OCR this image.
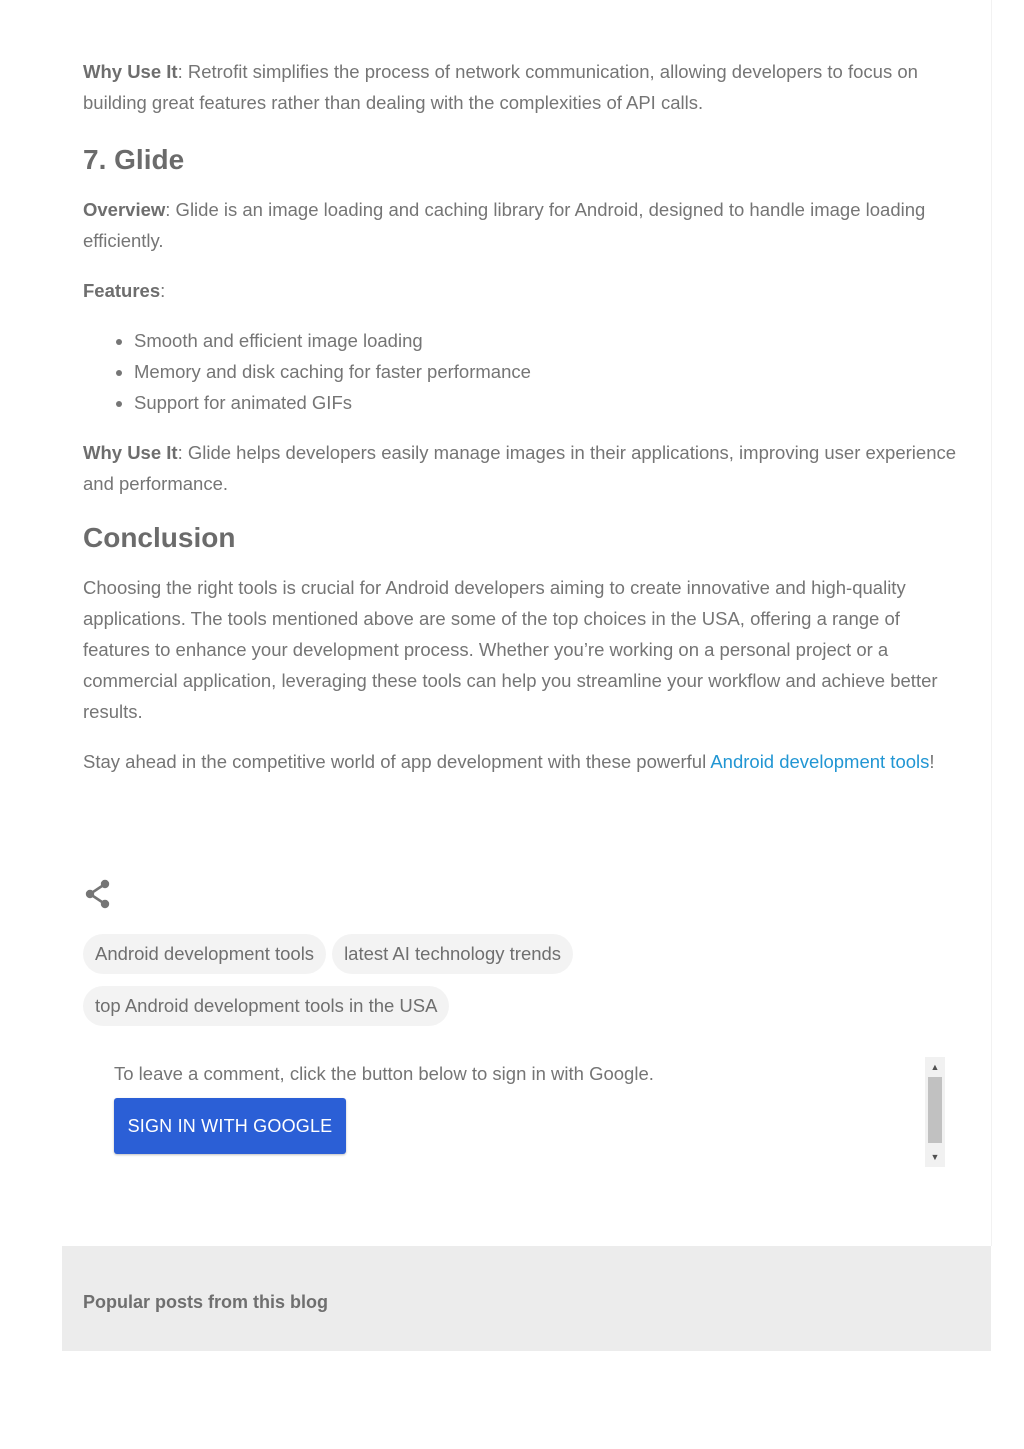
Why Use It: Retrofit simplifies the process of network communication, allowing developers to focus on building great features rather than dealing with the complexities of API calls.

7. Glide

Overview: Glide is an image loading and caching library for Android, designed to handle image loading efficiently.

Features:

• Smooth and efficient image loading
• Memory and disk caching for faster performance
• Support for animated GIFs

Why Use It: Glide helps developers easily manage images in their applications, improving user experience and performance.

Conclusion

Choosing the right tools is crucial for Android developers aiming to create innovative and high-quality applications. The tools mentioned above are some of the top choices in the USA, offering a range of features to enhance your development process. Whether you’re working on a personal project or a commercial application, leveraging these tools can help you streamline your workflow and achieve better results.

Stay ahead in the competitive world of app development with these powerful Android development tools!

Android development tools latest AI technology trends
top Android development tools in the USA

To leave a comment, click the button below to sign in with Google.

SIGN IN WITH GOOGLE
▲
▼
Popular posts from this blog
